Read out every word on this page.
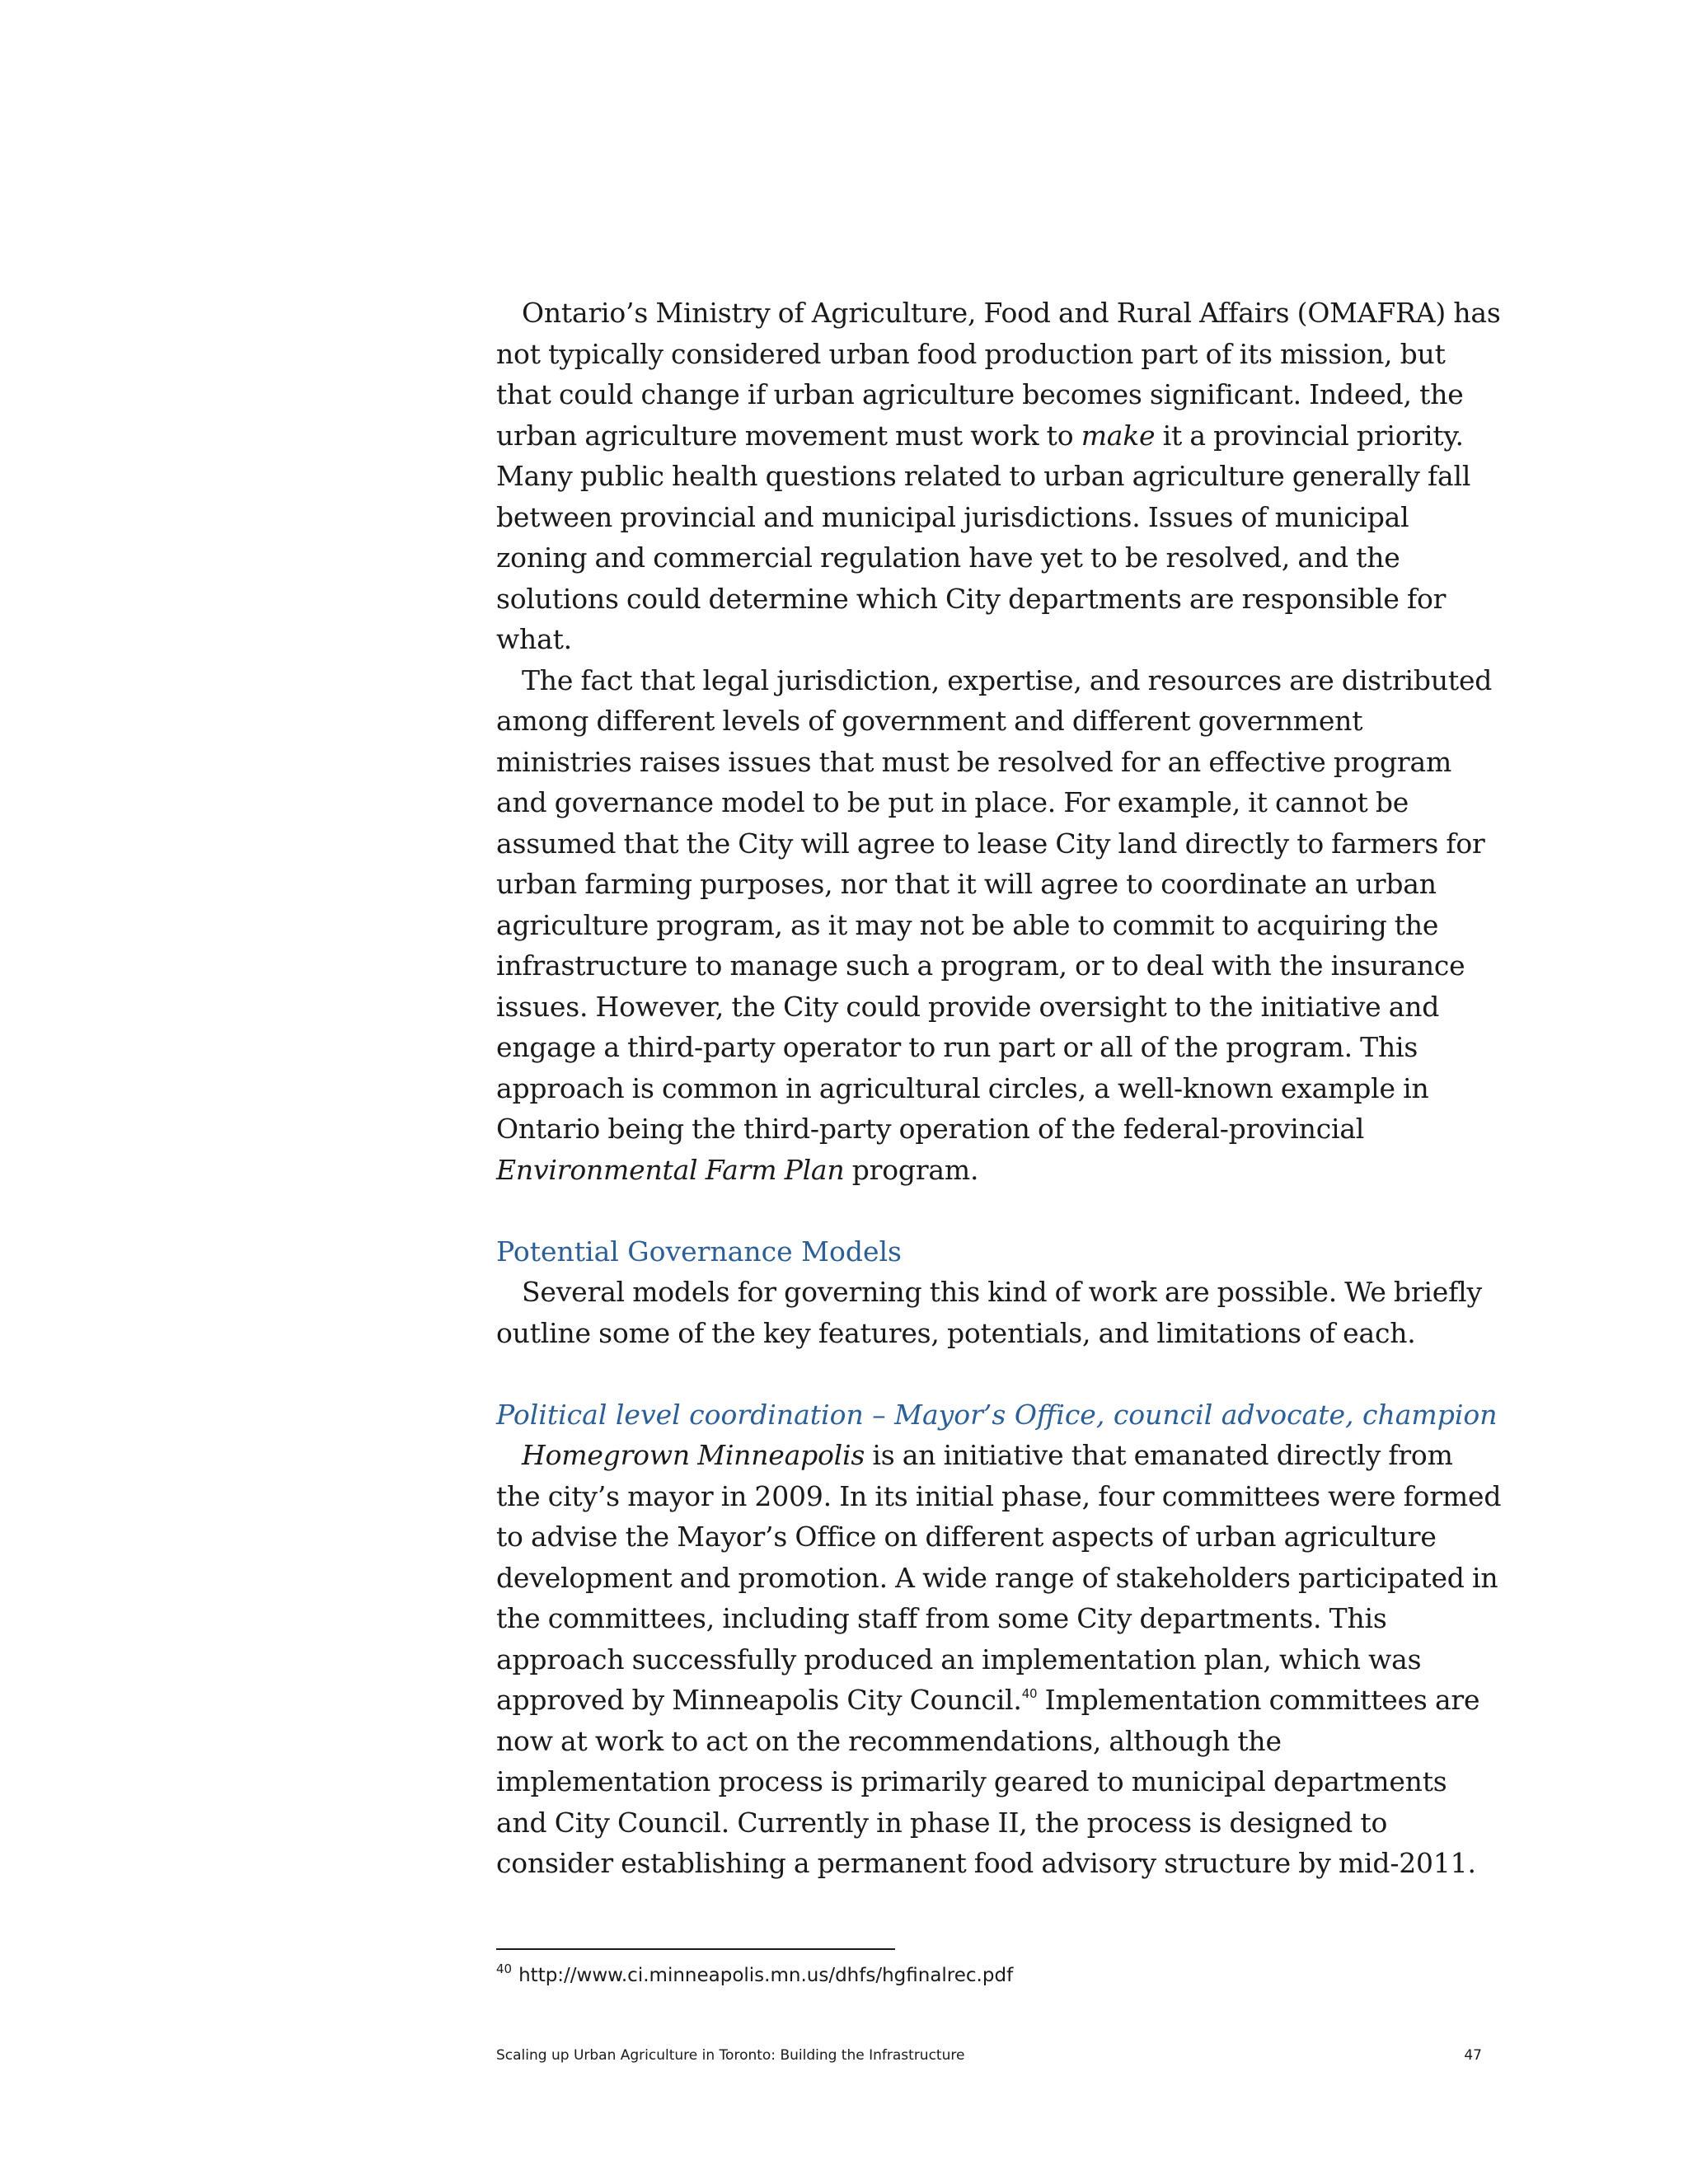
Ontario’s Ministry of Agriculture, Food and Rural Affairs (OMAFRA) has not typically considered urban food production part of its mission, but that could change if urban agriculture becomes significant. Indeed, the urban agriculture movement must work to make it a provincial priority. Many public health questions related to urban agriculture generally fall between provincial and municipal jurisdictions. Issues of municipal zoning and commercial regulation have yet to be resolved, and the solutions could determine which City departments are responsible for what.

The fact that legal jurisdiction, expertise, and resources are distributed among different levels of government and different government ministries raises issues that must be resolved for an effective program and governance model to be put in place. For example, it cannot be assumed that the City will agree to lease City land directly to farmers for urban farming purposes, nor that it will agree to coordinate an urban agriculture program, as it may not be able to commit to acquiring the infrastructure to manage such a program, or to deal with the insurance issues. However, the City could provide oversight to the initiative and engage a third-party operator to run part or all of the program. This approach is common in agricultural circles, a well-known example in Ontario being the third-party operation of the federal-provincial Environmental Farm Plan program.

Potential Governance Models

Several models for governing this kind of work are possible. We briefly outline some of the key features, potentials, and limitations of each.

Political level coordination – Mayor’s Office, council advocate, champion

Homegrown Minneapolis is an initiative that emanated directly from the city’s mayor in 2009. In its initial phase, four committees were formed to advise the Mayor’s Office on different aspects of urban agriculture development and promotion. A wide range of stakeholders participated in the committees, including staff from some City departments. This approach successfully produced an implementation plan, which was approved by Minneapolis City Council.$^{40}$ Implementation committees are now at work to act on the recommendations, although the implementation process is primarily geared to municipal departments and City Council. Currently in phase II, the process is designed to consider establishing a permanent food advisory structure by mid-2011.

$^{40}$ http://www.ci.minneapolis.mn.us/dhfs/hgfinalrec.pdf
Scaling up Urban Agriculture in Toronto: Building the Infrastructure	47
